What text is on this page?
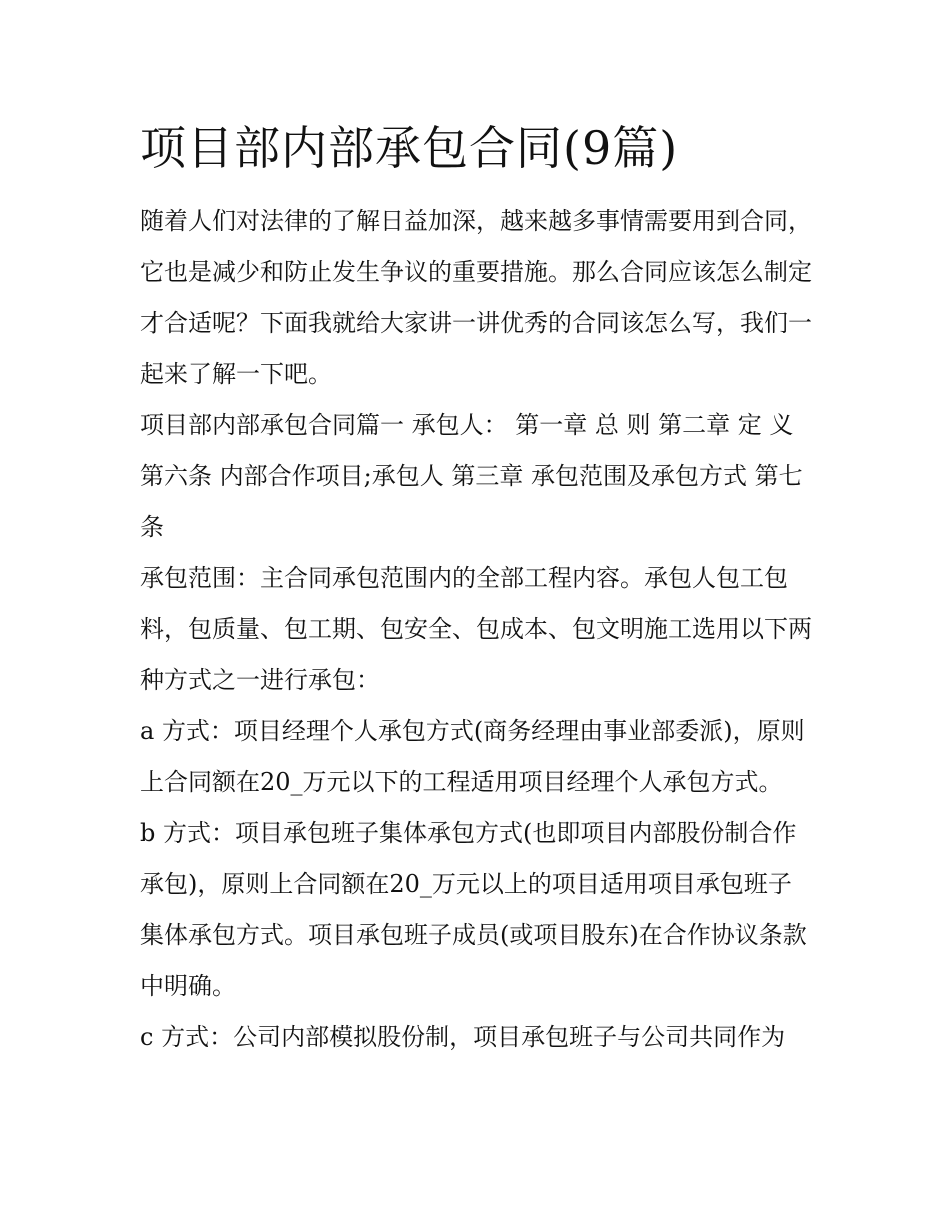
项目部内部承包合同(9篇)

随着人们对法律的了解日益加深，越来越多事情需要用到合同，它也是减少和防止发生争议的重要措施。那么合同应该怎么制定才合适呢？下面我就给大家讲一讲优秀的合同该怎么写，我们一起来了解一下吧。

项目部内部承包合同篇一 承包人： 第一章 总 则 第二章 定 义 第六条 内部合作项目;承包人 第三章 承包范围及承包方式 第七条

承包范围：主合同承包范围内的全部工程内容。承包人包工包料，包质量、包工期、包安全、包成本、包文明施工选用以下两种方式之一进行承包：

a 方式：项目经理个人承包方式(商务经理由事业部委派)，原则上合同额在20_万元以下的工程适用项目经理个人承包方式。

b 方式：项目承包班子集体承包方式(也即项目内部股份制合作承包)，原则上合同额在20_万元以上的项目适用项目承包班子集体承包方式。项目承包班子成员(或项目股东)在合作协议条款中明确。

c 方式：公司内部模拟股份制，项目承包班子与公司共同作为
